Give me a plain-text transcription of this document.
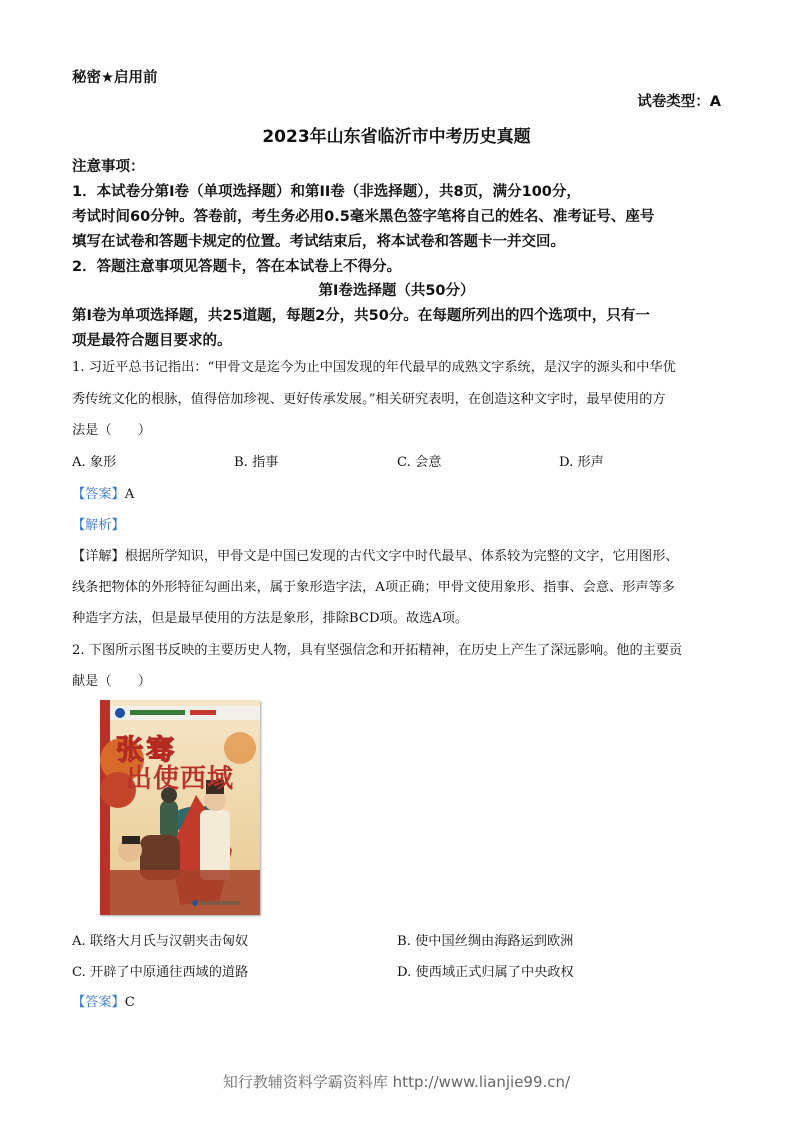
秘密★启用前
试卷类型：A
2023年山东省临沂市中考历史真题
注意事项：
1．本试卷分第I卷（单项选择题）和第II卷（非选择题），共8页，满分100分，
考试时间60分钟。答卷前，考生务必用0.5毫米黑色签字笔将自己的姓名、准考证号、座号
填写在试卷和答题卡规定的位置。考试结束后，将本试卷和答题卡一并交回。
2．答题注意事项见答题卡，答在本试卷上不得分。
第Ⅰ卷选择题（共50分）
第I卷为单项选择题，共25道题，每题2分，共50分。在每题所列出的四个选项中，只有一
项是最符合题目要求的。
1. 习近平总书记指出：“甲骨文是迄今为止中国发现的年代最早的成熟文字系统，是汉字的源头和中华优
秀传统文化的根脉，值得倍加珍视、更好传承发展。”相关研究表明，在创造这种文字时，最早使用的方
法是（　　）
A. 象形	B. 指事	C. 会意	D. 形声
【答案】A
【解析】
【详解】根据所学知识，甲骨文是中国已发现的古代文字中时代最早、体系较为完整的文字，它用图形、
线条把物体的外形特征勾画出来，属于象形造字法，A项正确；甲骨文使用象形、指事、会意、形声等多
种造字方法，但是最早使用的方法是象形，排除BCD项。故选A项。
2. 下图所示图书反映的主要历史人物，具有坚强信念和开拓精神，在历史上产生了深远影响。他的主要贡
献是（　　）
张骞
出使西域
A. 联络大月氏与汉朝夹击匈奴	B. 使中国丝绸由海路运到欧洲
C. 开辟了中原通往西域的道路	D. 使西域正式归属了中央政权
【答案】C
知行教辅资料学霸资料库 http://www.lianjie99.cn/
